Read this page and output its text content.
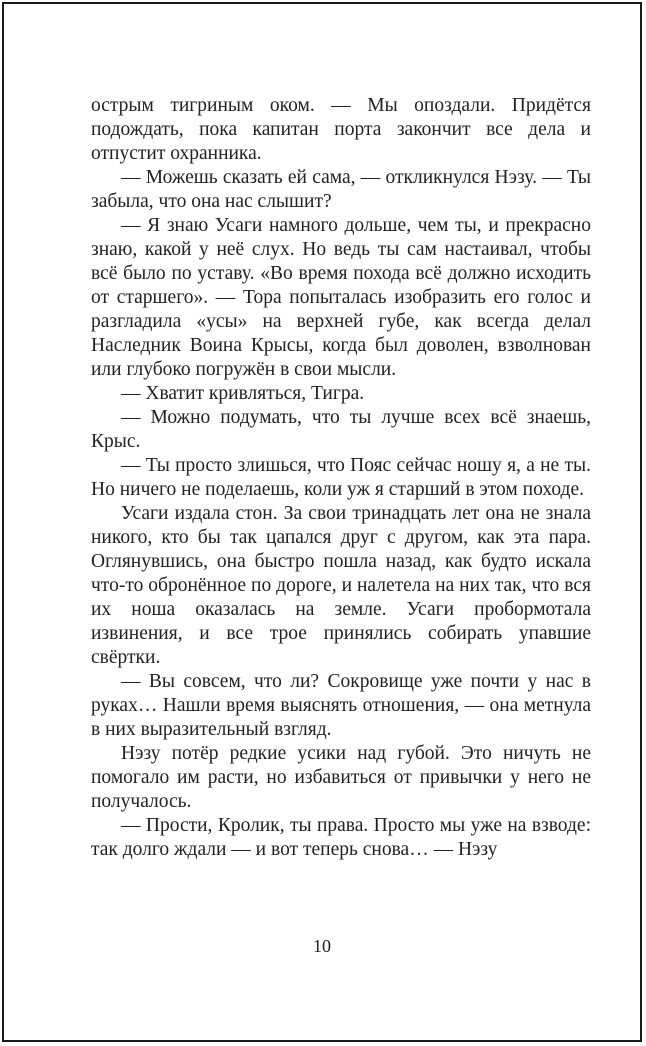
острым тигриным оком. — Мы опоздали. Придётся подождать, пока капитан порта закончит все дела и отпустит охранника.

— Можешь сказать ей сама, — откликнулся Нэзу. — Ты забыла, что она нас слышит?

— Я знаю Усаги намного дольше, чем ты, и прекрасно знаю, какой у неё слух. Но ведь ты сам настаивал, чтобы всё было по уставу. «Во время похода всё должно исходить от старшего». — Тора попыталась изобразить его голос и разгладила «усы» на верхней губе, как всегда делал Наследник Воина Крысы, когда был доволен, взволнован или глубоко погружён в свои мысли.

— Хватит кривляться, Тигра.

— Можно подумать, что ты лучше всех всё знаешь, Крыс.

— Ты просто злишься, что Пояс сейчас ношу я, а не ты. Но ничего не поделаешь, коли уж я старший в этом походе.

Усаги издала стон. За свои тринадцать лет она не знала никого, кто бы так цапался друг с другом, как эта пара. Оглянувшись, она быстро пошла назад, как будто искала что-то обронённое по дороге, и налетела на них так, что вся их ноша оказалась на земле. Усаги пробормотала извинения, и все трое принялись собирать упавшие свёртки.

— Вы совсем, что ли? Сокровище уже почти у нас в руках… Нашли время выяснять отношения, — она метнула в них выразительный взгляд.

Нэзу потёр редкие усики над губой. Это ничуть не помогало им расти, но избавиться от привычки у него не получалось.

— Прости, Кролик, ты права. Просто мы уже на взводе: так долго ждали — и вот теперь снова… — Нэзу

10
